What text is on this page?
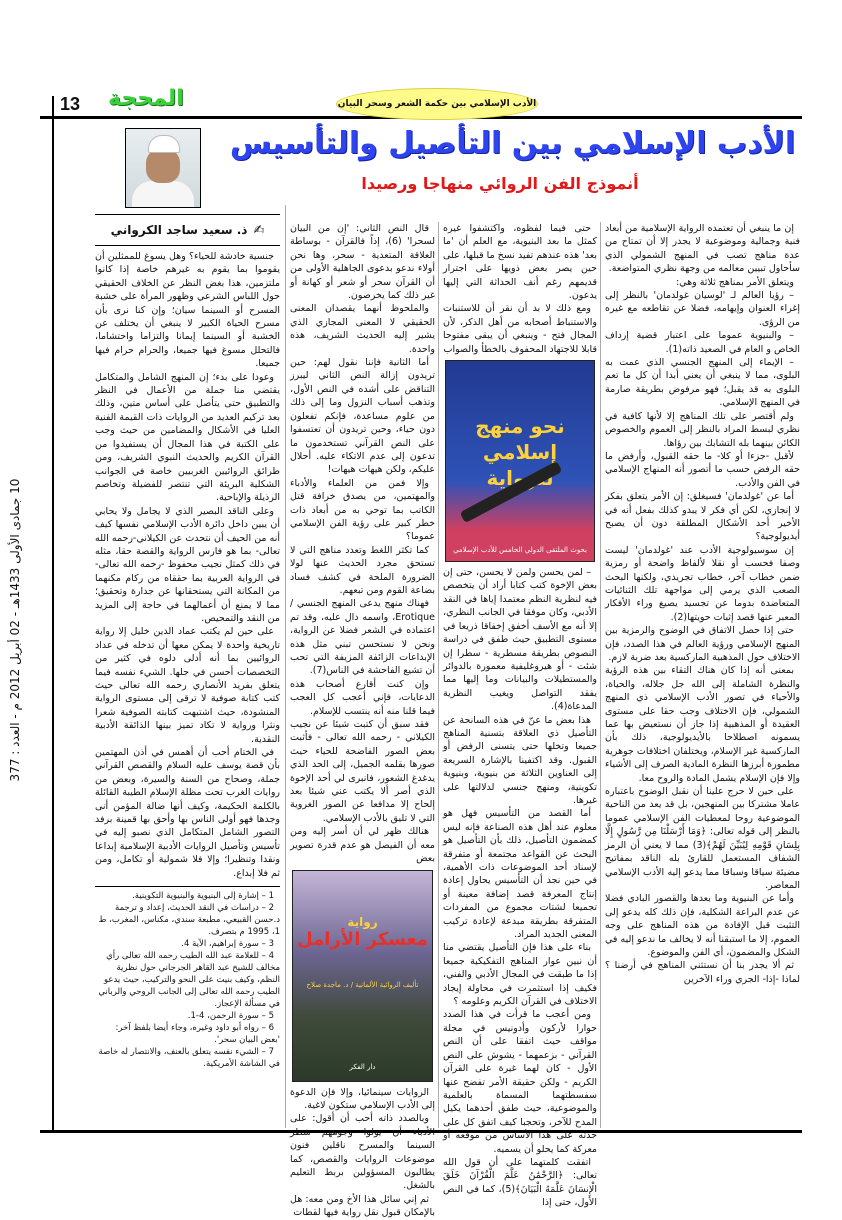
13 المحجة	الأدب الإسلامي بين حكمة الشعر وسحر البيان
10 جمادى الأولى 1433هـ - 02 أبريل 2012 م - العدد : 377
الأدب الإسلامي بين التأصيل والتأسيس
أنموذج الفن الروائي منهاجا ورصيدا
✍
ذ. سعيد ساجد الكرواني	إن ما ينبغي أن تعتمده الرواية الإسلامية من أبعاد فنية وجمالية وموضوعية لا يجدر إلا أن تمتاح من عدة مناهج تصب في المنهج الشمولي الذي سأحاول تبيين معالمه من وجهة نظري المتواضعة.

ويتعلق الأمر بمناهج ثلاثة وهي:

– رؤيا العالم لـ 'لوسيان غولدمان' بالنظر إلى إغراء العنوان وإيهامه، فضلا عن تقاطعه مع غيره من الرؤى.

– والبنيوية عموما على اعتبار قضية إرداف الخاص و العام في الصعيد ذاته(1).

– الإيماء إلى المنهج الجنسي الذي عمت به البلوى، مما لا ينبغي أن يعني أبدا أن كل ما تعم البلوى به قد يقبل؛ فهو مرفوض بطريقة صارمة في المنهج الإسلامي.

ولم أقتصر على تلك المناهج إلا لأنها كافية في نظري لبسط المراد بالنظر إلى العموم والخصوص الكائن بينهما بله التشابك بين رؤاها.

لأقبل -جزءا أو كلا- ما حقه القبول، وأرفض ما حقه الرفض حسب ما أتصور أنه المنهاج الإسلامي في الفن والأدب.

أما عن 'غولدمان' فسيغلق: إن الأمر يتعلق بفكر لا إنجازي، لكن أي فكر لا يبدو كذلك بفعل أنه في الأخير أحد الأشكال المطلقة دون أن يصبح أيديولوجية؟

إن سوسيولوجية الأدب عند 'غولدمان' ليست وصفا فحسب أو نقلا لألفاظ واضحة أو رمزية ضمن خطاب آخر، خطاب تجريدي، ولكنها البحث الصعب الذي يرمي إلى مواجهة تلك الثنائيات المتعاضدة بدوما عن تجسيد يصيغ وراء الأفكار المعبر عنها قصد إثبات حويتها(2).

حتى إذا حصل الاتفاق في الوضوح والرمزية بين المنهج الإسلامي ورؤية العالم في هذا الصدد، فإن الاختلاف حول المذهبية الماركسية بعد ضربة لازم.

بمعنى أنه إذا كان هناك التقاء بين هذه الرؤية والنظرة الشاملة إلى الله جل جلاله، والحياة، والأحياء في تصور الأدب الإسلامي ذي المنهج الشمولي، فإن الاختلاف وجب حقا على مستوى العقيدة أو المذهبية إذا جاز أن نستعيض بها عما يسمونه اصطلاحا بالأيديولوجية، ذلك بأن الماركسية غير الإسلام، ويختلفان اختلافات جوهرية مطمورة أبرزها النظرة المادية الصرف إلى الأشياء وإلا فإن الإسلام يشمل المادة والروح معا.

على حين لا حرج علينا أن نقبل الوضوح باعتباره عاملا مشتركا بين المنهجين، بل قد يعد من الناحية الموضوعية روحا لمعطيات الفن الإسلامي عموما بالنظر إلى قوله تعالى: ﴿وَمَا أَرْسَلْنَا مِن رَّسُولٍ إِلَّا بِلِسَانِ قَوْمِهِ لِيُبَيِّنَ لَهُمْ﴾(3) مما لا يعني أن الرمز الشفاف المستعمل للقارئ بله الناقد بمفاتيح مضيئة سياقا وسباقا مما يدعو إليه الأدب الإسلامي المعاصر.

وأما عن البنيوية وما بعدها والقصور البادي فضلا عن عدم البراعة الشكلية، فإن ذلك كله يدعو إلى التثبت قبل الإفادة من هذه المناهج على وجه العموم، إلا ما استبقنا أنه لا يخالف ما ندعو إليه في الشكل والمضمون، أي الفن والموضوع.

ثم ألا يجدر بنا أن نستثني المناهج في أرضنا ؟ لماذا -إذا- الجري وراء الآخرين

حتى فيما لفظوه، واكتشفوا غيره كمثل ما بعد البنيوية، مع العلم أن 'ما بعد' هذه عندهم تفيد نسخ ما قبلها، على حين يصر بعض ذويها على اجترار قديمهم رغم أنف الحداثة التي إليها يدعون.

ومع ذلك لا بد أن نقر أن للاستنبات والاستنباط أصحابه من أهل الذكر، لأن المجال فتح - وينبغي أن يبقى مفتوحا قابلا للاجتهاد المحفوف بالخطأ والصواب

نحو منهج
إسلامي للرواية
بحوث الملتقى الدولي الخامس للأدب الإسلامي

– لمن يحسن ولمن لا يحسن، حتى إن بعض الإخوة كتب كتابا أراد أن يتخصص فيه لنظرية النظم معتمدا إياها في النقد الأدبي، وكان موفقا في الجانب النظري، إلا أنه مع الأسف أخفق إخفاقا ذريعا في مستوى التطبيق حيث طفق في دراسة النصوص بطريقة مسطرية - سطرا إن شئت - أو هيروغليفية معمورة بالدوائر والمستطيلات والبيانات وما إليها مما يفقد التواصل ويغيب النظرية المدعاة(4).

هذا بعض ما عنّ في هذه السانحة عن التأصيل ذي العلاقة بتسنية المناهج جميعا وتخلها حتى يتسنى الرفض أو القبول. وقد اكتفينا بالإشارة السريعة إلى العناوين الثلاثة من بنيوية، وبنيوية تكوينية، ومنهج جنسي لدلالتها على غيرها.

أما القصد من التأسيس فهل هو معلوم عند أهل هذه الصناعة فإنه ليس كمضمون التأصيل، ذلك بأن التأصيل هو البحث عن القواعد مجتمعة أو متفرقة لإسناد أحد الموضوعات ذات الأهمية، في حين نجد أن التأسيس يحاول إعادة إنتاج المعرفة قصد إضافة معينة أو تجميعا لشتات مجموع من المفردات المتفرقة بطريقة مبدعة لإعادة تركيب المعنى الجديد المراد.

بناء على هذا فإن التأصيل يقتضي منا أن نبين عوار المناهج التفكيكية جميعا إذا ما طبقت في المجال الأدبي والفني، فكيف إذا استثمرت في محاولة إيجاد الاختلاف في القرآن الكريم وعلومه ؟

ومن أعجب ما قرأت في هذا الصدد حوارا لأركون وأدونيس في مجلة مواقف حيث اتفقا على أن النص القرآني - بزعمهما - يشوش على النص الأول - كان لهما غيرة على القرآن الكريم - ولكن حقيقة الأمر تفضح عنها سفسطتهما المسماة بالعلمية والموضوعية، حيث طفق أحدهما يكيل المدح للآخر، وتحجبا كيف اتفق كل على حدته على هذا الأساس من موقعه أو معركة كما يحلو أن يسميه.

اتفقت كلمتهما على أن قول الله تعالى: ﴿الرَّحْمَٰنُ عَلَّمَ الْقُرْآنَ خَلَقَ الْإِنسَانَ عَلَّمَهُ الْبَيَانَ﴾(5)، كما في النص الأول، حتى إذا

قال النص الثاني: 'إن من البيان لسحرا' (6)، إذاً فالقرآن - بوساطة العلاقة المتعدية - سحر، وها نحن أولاء ندعو بدعوى الجاهلية الأولى من أن القرآن سحر أو شعر أو كهانة أو غير ذلك كما يخرصون.

والملحوظ أنهما يقصدان المعنى الحقيقي لا المعنى المجازي الذي يشير إليه الحديث الشريف، هذه واحدة.

أما الثانية فإننا نقول لهم: حين تريدون إزالة النص الثاني ليبرز التناقض على أشده في النص الأول، وتذهب أسباب النزول وما إلى ذلك من علوم مساعدة، فإنكم تفعلون دون حياء، وحين تريدون أن تعتسفوا على النص القرآني تستخدمون ما تدعون إلى عدم الاتكاء عليه. أحلال عليكم، ولكن هيهات هيهات!

وإلا فمن من العلماء والأدباء والمهتمين، من يصدق خرافة قتل الكاتب بما توحي به من أبعاد ذات خطر كبير على رؤية الفن الإسلامي عموما؟

كما تكثر اللغط وتعدد مناهج التي لا تستحق مجرد الحديث عنها لولا الضرورة الملحة في كشف فساد بضاعة القوم ومن تبعهم.

فهناك منهج يدعى المنهج الجنسي / Erotique، واسمه دال عليه، وقد تم اعتماده في الشعر فضلا عن الرواية، ونحن لا نستحسن تبني مثل هذه الإبداعات الزائفة المزيفة التي تحب أن تشيع الفاحشة في الناس(7).

وإن كنت أقارع أصحاب هذه الدعايات، فإني أعجب كل العجب فيما قلنا منه أنه ينتسب للإسلام.

فقد سبق أن كتبت شيئا عن نجيب الكيلاني - رحمه الله تعالى - فأثبت بعض الصور الفاضحة للحياء حيث صورها بقلمه الجميل، إلى الحد الذي يدغدغ الشعور، فانبرى لي أحد الإخوة الذي أصر ألا يكتب عني شيئا بعد إلحاح إلا مدافعا عن الصور الغروية التي لا تليق بالأدب الإسلامي.

هنالك ظهر لي أن أسر إليه ومن معه أن الفيصل هو عدم قدرة تصوير بعض

رواية
معسكر الأرامل
تأليف الروائية الألمانية / د. ماجدة صلاح
دار الفكر

الروايات سينمائيا، وإلا فإن الدعوة إلى الأدب الإسلامي ستكون لاغية.

وبالصدد ذاته أحب أن أقول: على الأدباء أن يولوا وجوههم شطر السينما والمسرح ناقلين فنون موضوعات الروايات والقصص، كما يطالبون المسؤولين بربط التعليم بالشغل.

ثم إني سائل هذا الأخ ومن معه: هل بالإمكان قبول نقل رواية فيها لقطات

جنسية خادشة للحياء؟ وهل يسوغ للممثلين أن يقوموا بما يقوم به غيرهم خاصة إذا كانوا ملتزمين، هذا بغض النظر عن الخلاف الحقيقي حول اللباس الشرعي وظهور المرأة على خشبة المسرح أو السينما سيان؛ وإن كنا نرى بأن مسرح الحياة الكبير لا ينبغي أن يختلف عن الخشبة أو السينما إيمانا والتزاما واحتشاما، فالتحلل مسوغ فيها جميعا، والحرام حرام فيها جميعا.

وعودا على بدء؛ إن المنهج الشامل والمتكامل يقتضي منا جملة من الأعمال في النظر والتطبيق حتى يتأصل على أساس متين، وذلك بعد تركيم العديد من الروايات ذات القيمة الفنية العليا في الأشكال والمضامين من حيث وجب على الكتبة في هذا المجال أن يستفيدوا من القرآن الكريم والحديث النبوي الشريف، ومن طرائق الروائيين الغربيين خاصة في الجوانب الشكلية البريئة التي تنتصر للفضيلة وتخاصم الرذيلة والإباحية.

وعلى الناقد البصير الذي لا يجامل ولا يحابي أن يبين داخل دائرة الأدب الإسلامي نفسها كيف أنه من الحيف أن نتحدث عن الكيلاني-رحمه الله تعالى- بما هو فارس الرواية والقصة حقا، مثله في ذلك كمثل نجيب محفوظ -رحمه الله تعالى- في الرواية العربية بما حققاه من ركام مكنهما من المكانة التي يستحقانها عن جدارة وتحقيق؛ مما لا يمنع أن أعمالهما في حاجة إلى المزيد من النقد والتمحيص.

على حين لم يكتب عماد الدين خليل إلا رواية تاريخية واحدة لا يمكن معها أن تدخله في عداد الروائيين بما أنه أدلى دلوه في كثير من التخصصات أحسن في جلها. الشيء نفسه فيما يتعلق بفريد الأنصاري رحمه الله تعالى حيث كتب كتابة صوفية لا ترقى إلى مستوى الرواية المنشودة، حيث اشتبهت كتابته الصوفية شعرا ونثرا ورواية لا تكاد تميز بينها الذائقة الأدبية النقدية.

في الختام أحب أن أهمس في أذن المهتمين بأن قصة يوسف عليه السلام والقصص القرآني جملة، وصحاح من السنة والسيرة، وبعض من روايات الغرب تحت مظلة الإسلام الطيبة القائلة بالكلمة الحكيمة، وكيف أنها ضالة المؤمن أنى وجدها فهو أولى الناس بها وأحق بها قمينة برفد التصور الشامل المتكامل الذي نصبو إليه في تأسيس وتأصيل الروايات الأدبية الإسلامية إبداعا ونقدا وتنظيرا؛ وإلا فلا شمولية أو تكامل، ومن ثم فلا إبداع.

1 – إشارة إلى البنيوية والبنيوية التكوينية.
2 – دراسات في النقد الحديث، إعداد و ترجمة د.حسن القبيعي، مطبعة سندي، مكناس، المغرب، ط 1، 1995 م بتصرف.
3 – سورة إبراهيم، الآية 4.
4 – للعلامة عبد الله الطيب رحمه الله تعالى رأي مخالف للشيخ عبد القاهر الجرجاني حول نظرية النظم، وكيف بنيت على النحو والتركيب، حيث يدعو الطيب رحمه الله تعالى إلى الجانب الروحي والرباني في مسألة الإعجاز.
5 – سورة الرحمن، 4-1.
6 – رواه أبو داود وغيره، وجاء أيضا بلفظ آخر: 'بعض البيان سحر'.
7 – الشيء نفسه يتعلق بالعنف، والانتصار له خاصة في الشاشة الأمريكية.
